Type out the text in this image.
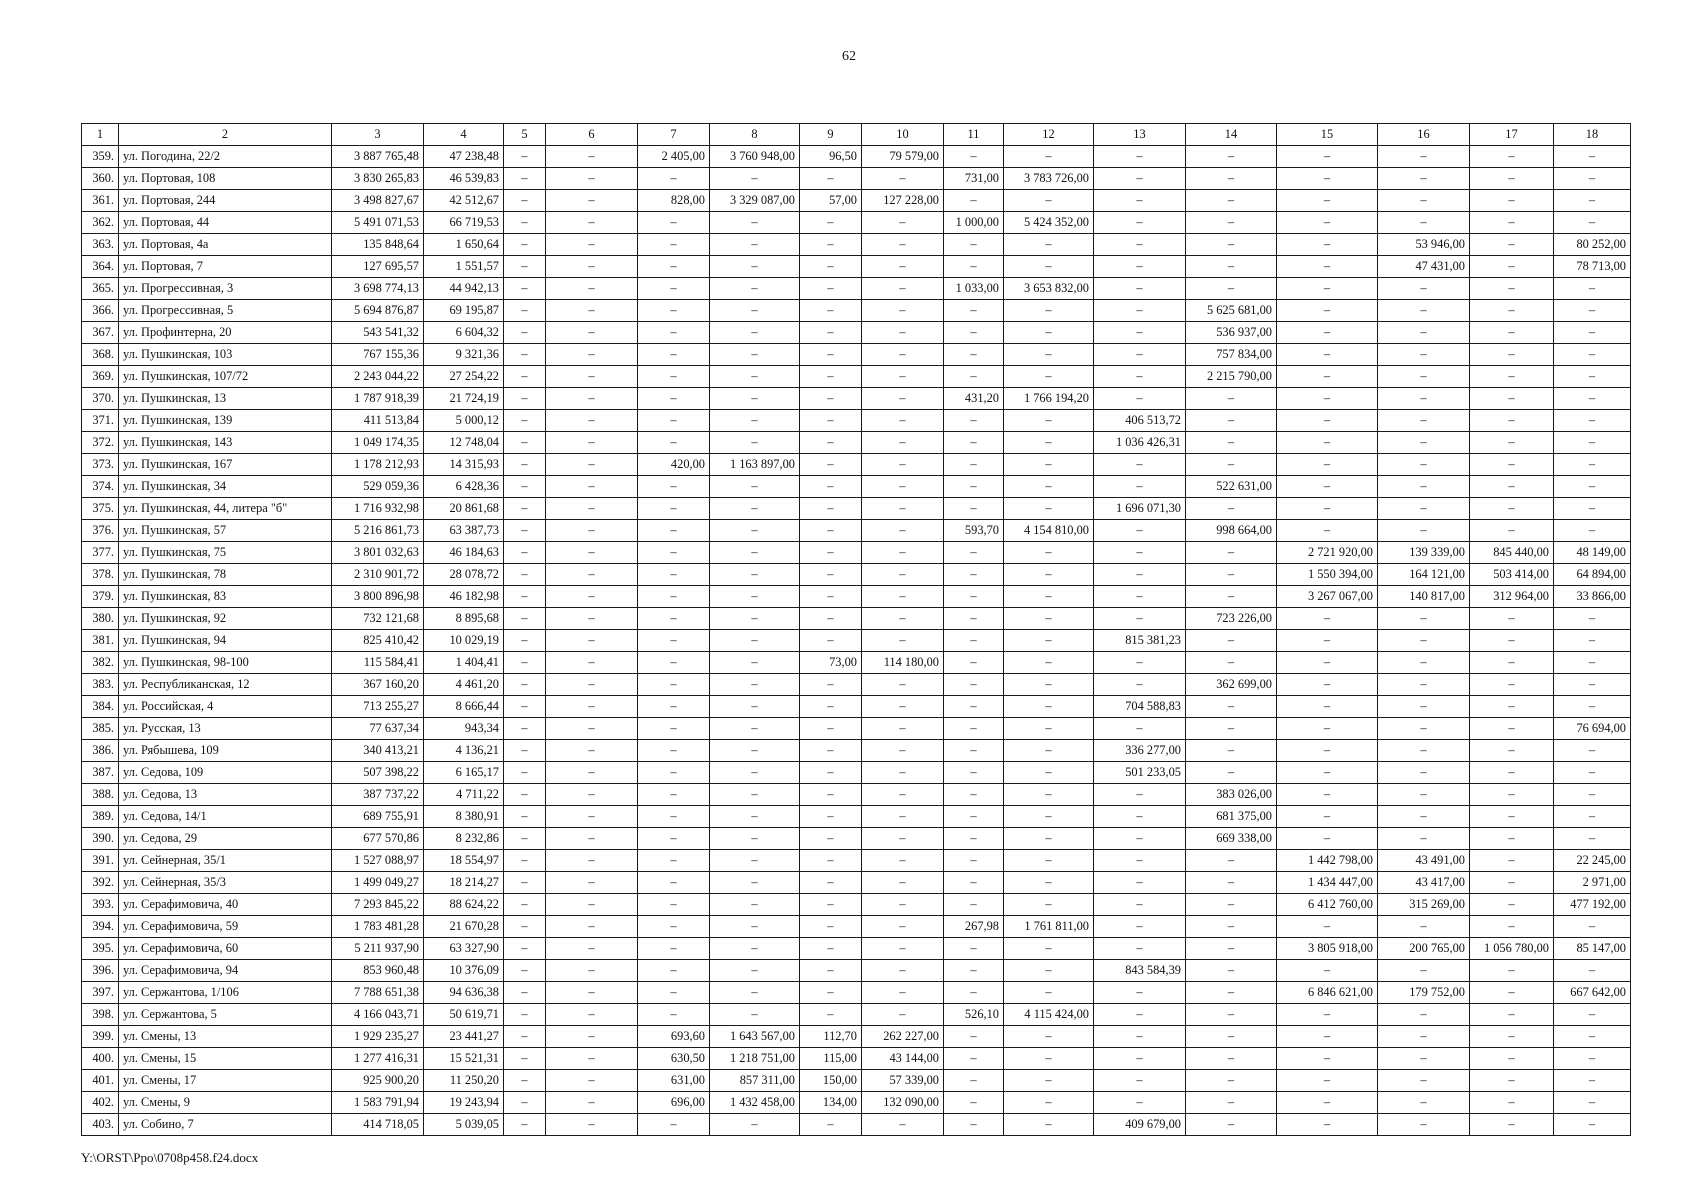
62
1	2	3	4	5	6	7	8	9	10	11	12	13	14	15	16	17	18
359.	ул. Погодина, 22/2	3 887 765,48	47 238,48	–	–	2 405,00	3 760 948,00	96,50	79 579,00	–	–	–	–	–	–	–	–
360.	ул. Портовая, 108	3 830 265,83	46 539,83	–	–	–	–	–	–	731,00	3 783 726,00	–	–	–	–	–	–
361.	ул. Портовая, 244	3 498 827,67	42 512,67	–	–	828,00	3 329 087,00	57,00	127 228,00	–	–	–	–	–	–	–	–
362.	ул. Портовая, 44	5 491 071,53	66 719,53	–	–	–	–	–	–	1 000,00	5 424 352,00	–	–	–	–	–	–
363.	ул. Портовая, 4а	135 848,64	1 650,64	–	–	–	–	–	–	–	–	–	–	–	53 946,00	–	80 252,00
364.	ул. Портовая, 7	127 695,57	1 551,57	–	–	–	–	–	–	–	–	–	–	–	47 431,00	–	78 713,00
365.	ул. Прогрессивная, 3	3 698 774,13	44 942,13	–	–	–	–	–	–	1 033,00	3 653 832,00	–	–	–	–	–	–
366.	ул. Прогрессивная, 5	5 694 876,87	69 195,87	–	–	–	–	–	–	–	–	–	5 625 681,00	–	–	–	–
367.	ул. Профинтерна, 20	543 541,32	6 604,32	–	–	–	–	–	–	–	–	–	536 937,00	–	–	–	–
368.	ул. Пушкинская, 103	767 155,36	9 321,36	–	–	–	–	–	–	–	–	–	757 834,00	–	–	–	–
369.	ул. Пушкинская, 107/72	2 243 044,22	27 254,22	–	–	–	–	–	–	–	–	–	2 215 790,00	–	–	–	–
370.	ул. Пушкинская, 13	1 787 918,39	21 724,19	–	–	–	–	–	–	431,20	1 766 194,20	–	–	–	–	–	–
371.	ул. Пушкинская, 139	411 513,84	5 000,12	–	–	–	–	–	–	–	–	406 513,72	–	–	–	–	–
372.	ул. Пушкинская, 143	1 049 174,35	12 748,04	–	–	–	–	–	–	–	–	1 036 426,31	–	–	–	–	–
373.	ул. Пушкинская, 167	1 178 212,93	14 315,93	–	–	420,00	1 163 897,00	–	–	–	–	–	–	–	–	–	–
374.	ул. Пушкинская, 34	529 059,36	6 428,36	–	–	–	–	–	–	–	–	–	522 631,00	–	–	–	–
375.	ул. Пушкинская, 44, литера "б"	1 716 932,98	20 861,68	–	–	–	–	–	–	–	–	1 696 071,30	–	–	–	–	–
376.	ул. Пушкинская, 57	5 216 861,73	63 387,73	–	–	–	–	–	–	593,70	4 154 810,00	–	998 664,00	–	–	–	–
377.	ул. Пушкинская, 75	3 801 032,63	46 184,63	–	–	–	–	–	–	–	–	–	–	2 721 920,00	139 339,00	845 440,00	48 149,00
378.	ул. Пушкинская, 78	2 310 901,72	28 078,72	–	–	–	–	–	–	–	–	–	–	1 550 394,00	164 121,00	503 414,00	64 894,00
379.	ул. Пушкинская, 83	3 800 896,98	46 182,98	–	–	–	–	–	–	–	–	–	–	3 267 067,00	140 817,00	312 964,00	33 866,00
380.	ул. Пушкинская, 92	732 121,68	8 895,68	–	–	–	–	–	–	–	–	–	723 226,00	–	–	–	–
381.	ул. Пушкинская, 94	825 410,42	10 029,19	–	–	–	–	–	–	–	–	815 381,23	–	–	–	–	–
382.	ул. Пушкинская, 98-100	115 584,41	1 404,41	–	–	–	–	73,00	114 180,00	–	–	–	–	–	–	–	–
383.	ул. Республиканская, 12	367 160,20	4 461,20	–	–	–	–	–	–	–	–	–	362 699,00	–	–	–	–
384.	ул. Российская, 4	713 255,27	8 666,44	–	–	–	–	–	–	–	–	704 588,83	–	–	–	–	–
385.	ул. Русская, 13	77 637,34	943,34	–	–	–	–	–	–	–	–	–	–	–	–	–	76 694,00
386.	ул. Рябышева, 109	340 413,21	4 136,21	–	–	–	–	–	–	–	–	336 277,00	–	–	–	–	–
387.	ул. Седова, 109	507 398,22	6 165,17	–	–	–	–	–	–	–	–	501 233,05	–	–	–	–	–
388.	ул. Седова, 13	387 737,22	4 711,22	–	–	–	–	–	–	–	–	–	383 026,00	–	–	–	–
389.	ул. Седова, 14/1	689 755,91	8 380,91	–	–	–	–	–	–	–	–	–	681 375,00	–	–	–	–
390.	ул. Седова, 29	677 570,86	8 232,86	–	–	–	–	–	–	–	–	–	669 338,00	–	–	–	–
391.	ул. Сейнерная, 35/1	1 527 088,97	18 554,97	–	–	–	–	–	–	–	–	–	–	1 442 798,00	43 491,00	–	22 245,00
392.	ул. Сейнерная, 35/3	1 499 049,27	18 214,27	–	–	–	–	–	–	–	–	–	–	1 434 447,00	43 417,00	–	2 971,00
393.	ул. Серафимовича, 40	7 293 845,22	88 624,22	–	–	–	–	–	–	–	–	–	–	6 412 760,00	315 269,00	–	477 192,00
394.	ул. Серафимовича, 59	1 783 481,28	21 670,28	–	–	–	–	–	–	267,98	1 761 811,00	–	–	–	–	–	–
395.	ул. Серафимовича, 60	5 211 937,90	63 327,90	–	–	–	–	–	–	–	–	–	–	3 805 918,00	200 765,00	1 056 780,00	85 147,00
396.	ул. Серафимовича, 94	853 960,48	10 376,09	–	–	–	–	–	–	–	–	843 584,39	–	–	–	–	–
397.	ул. Сержантова, 1/106	7 788 651,38	94 636,38	–	–	–	–	–	–	–	–	–	–	6 846 621,00	179 752,00	–	667 642,00
398.	ул. Сержантова, 5	4 166 043,71	50 619,71	–	–	–	–	–	–	526,10	4 115 424,00	–	–	–	–	–	–
399.	ул. Смены, 13	1 929 235,27	23 441,27	–	–	693,60	1 643 567,00	112,70	262 227,00	–	–	–	–	–	–	–	–
400.	ул. Смены, 15	1 277 416,31	15 521,31	–	–	630,50	1 218 751,00	115,00	43 144,00	–	–	–	–	–	–	–	–
401.	ул. Смены, 17	925 900,20	11 250,20	–	–	631,00	857 311,00	150,00	57 339,00	–	–	–	–	–	–	–	–
402.	ул. Смены, 9	1 583 791,94	19 243,94	–	–	696,00	1 432 458,00	134,00	132 090,00	–	–	–	–	–	–	–	–
403.	ул. Собино, 7	414 718,05	5 039,05	–	–	–	–	–	–	–	–	409 679,00	–	–	–	–	–
Y:\ORST\Ppo\0708p458.f24.docx
